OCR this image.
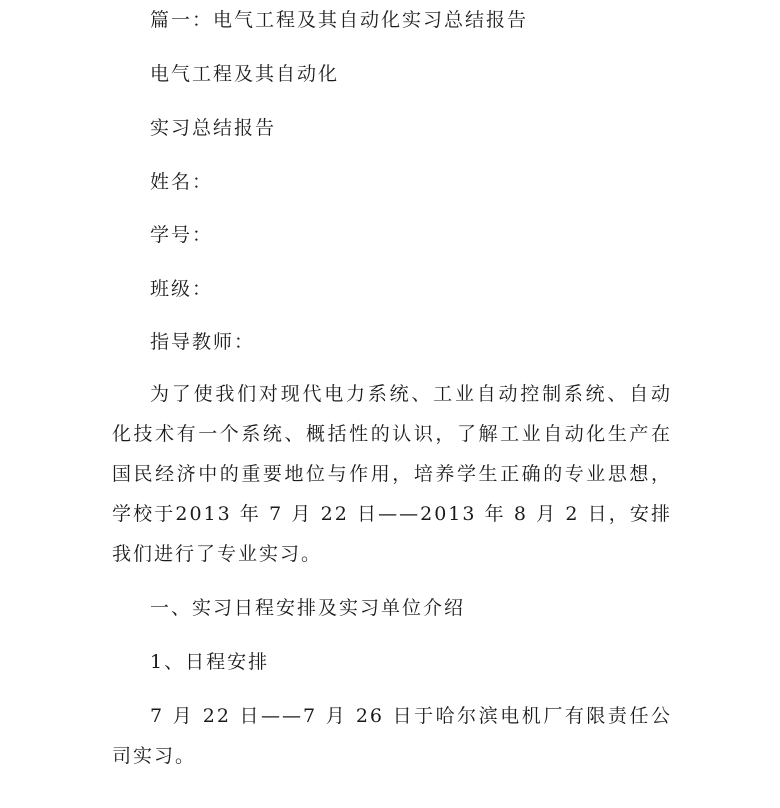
篇一：电气工程及其自动化实习总结报告
电气工程及其自动化
实习总结报告
姓名：
学号：
班级：
指导教师：
为了使我们对现代电力系统、工业自动控制系统、自动化技术有一个系统、概括性的认识，了解工业自动化生产在国民经济中的重要地位与作用，培养学生正确的专业思想，学校于2013 年 7 月 22 日——2013 年 8 月 2 日，安排我们进行了专业实习。
一、实习日程安排及实习单位介绍
1、日程安排
7 月 22 日——7 月 26 日于哈尔滨电机厂有限责任公司实习。
